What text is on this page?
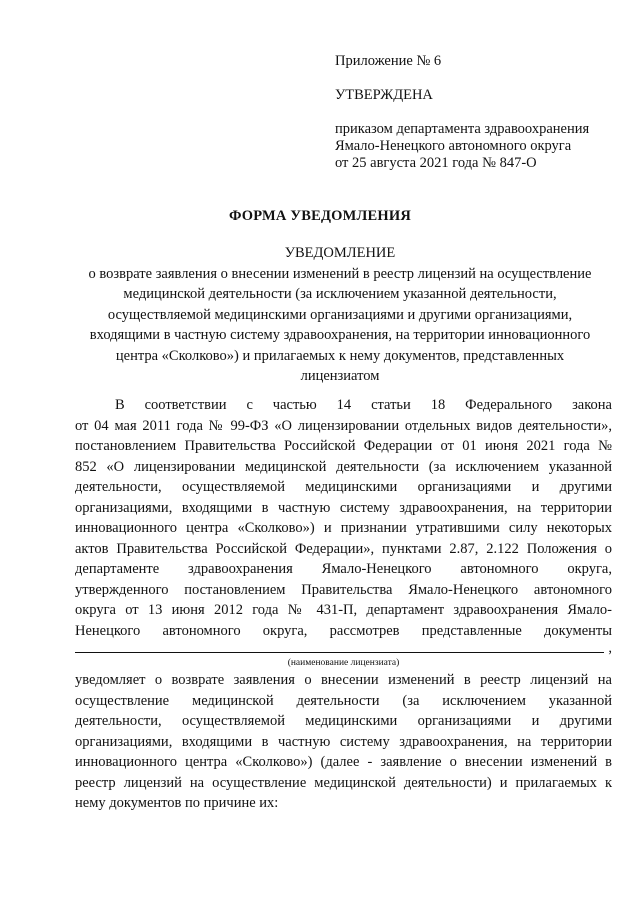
Приложение № 6
УТВЕРЖДЕНА
приказом департамента здравоохранения
Ямало-Ненецкого автономного округа
от 25 августа 2021 года № 847-О
ФОРМА УВЕДОМЛЕНИЯ
УВЕДОМЛЕНИЕ
о возврате заявления о внесении изменений в реестр лицензий на осуществление
медицинской деятельности (за исключением указанной деятельности,
осуществляемой медицинскими организациями и другими организациями,
входящими в частную систему здравоохранения, на территории инновационного
центра «Сколково») и прилагаемых к нему документов, представленных
лицензиатом
В соответствии с частью 14 статьи 18 Федерального закона
от 04 мая 2011 года № 99-ФЗ «О лицензировании отдельных видов деятельности»,
постановлением Правительства Российской Федерации от 01 июня 2021 года №
852 «О лицензировании медицинской деятельности (за исключением указанной
деятельности, осуществляемой медицинскими организациями и другими
организациями, входящими в частную систему здравоохранения, на территории
инновационного центра «Сколково») и признании утратившими силу некоторых
актов Правительства Российской Федерации», пунктами 2.87, 2.122 Положения о
департаменте здравоохранения Ямало-Ненецкого автономного округа,
утвержденного постановлением Правительства Ямало-Ненецкого автономного
округа от 13 июня 2012 года № 431-П, департамент здравоохранения Ямало-
Ненецкого автономного округа, рассмотрев представленные документы
,
(наименование лицензиата)
уведомляет о возврате заявления о внесении изменений в реестр лицензий на
осуществление медицинской деятельности (за исключением указанной
деятельности, осуществляемой медицинскими организациями и другими
организациями, входящими в частную систему здравоохранения, на территории
инновационного центра «Сколково») (далее - заявление о внесении изменений в
реестр лицензий на осуществление медицинской деятельности) и прилагаемых к
нему документов по причине их:
